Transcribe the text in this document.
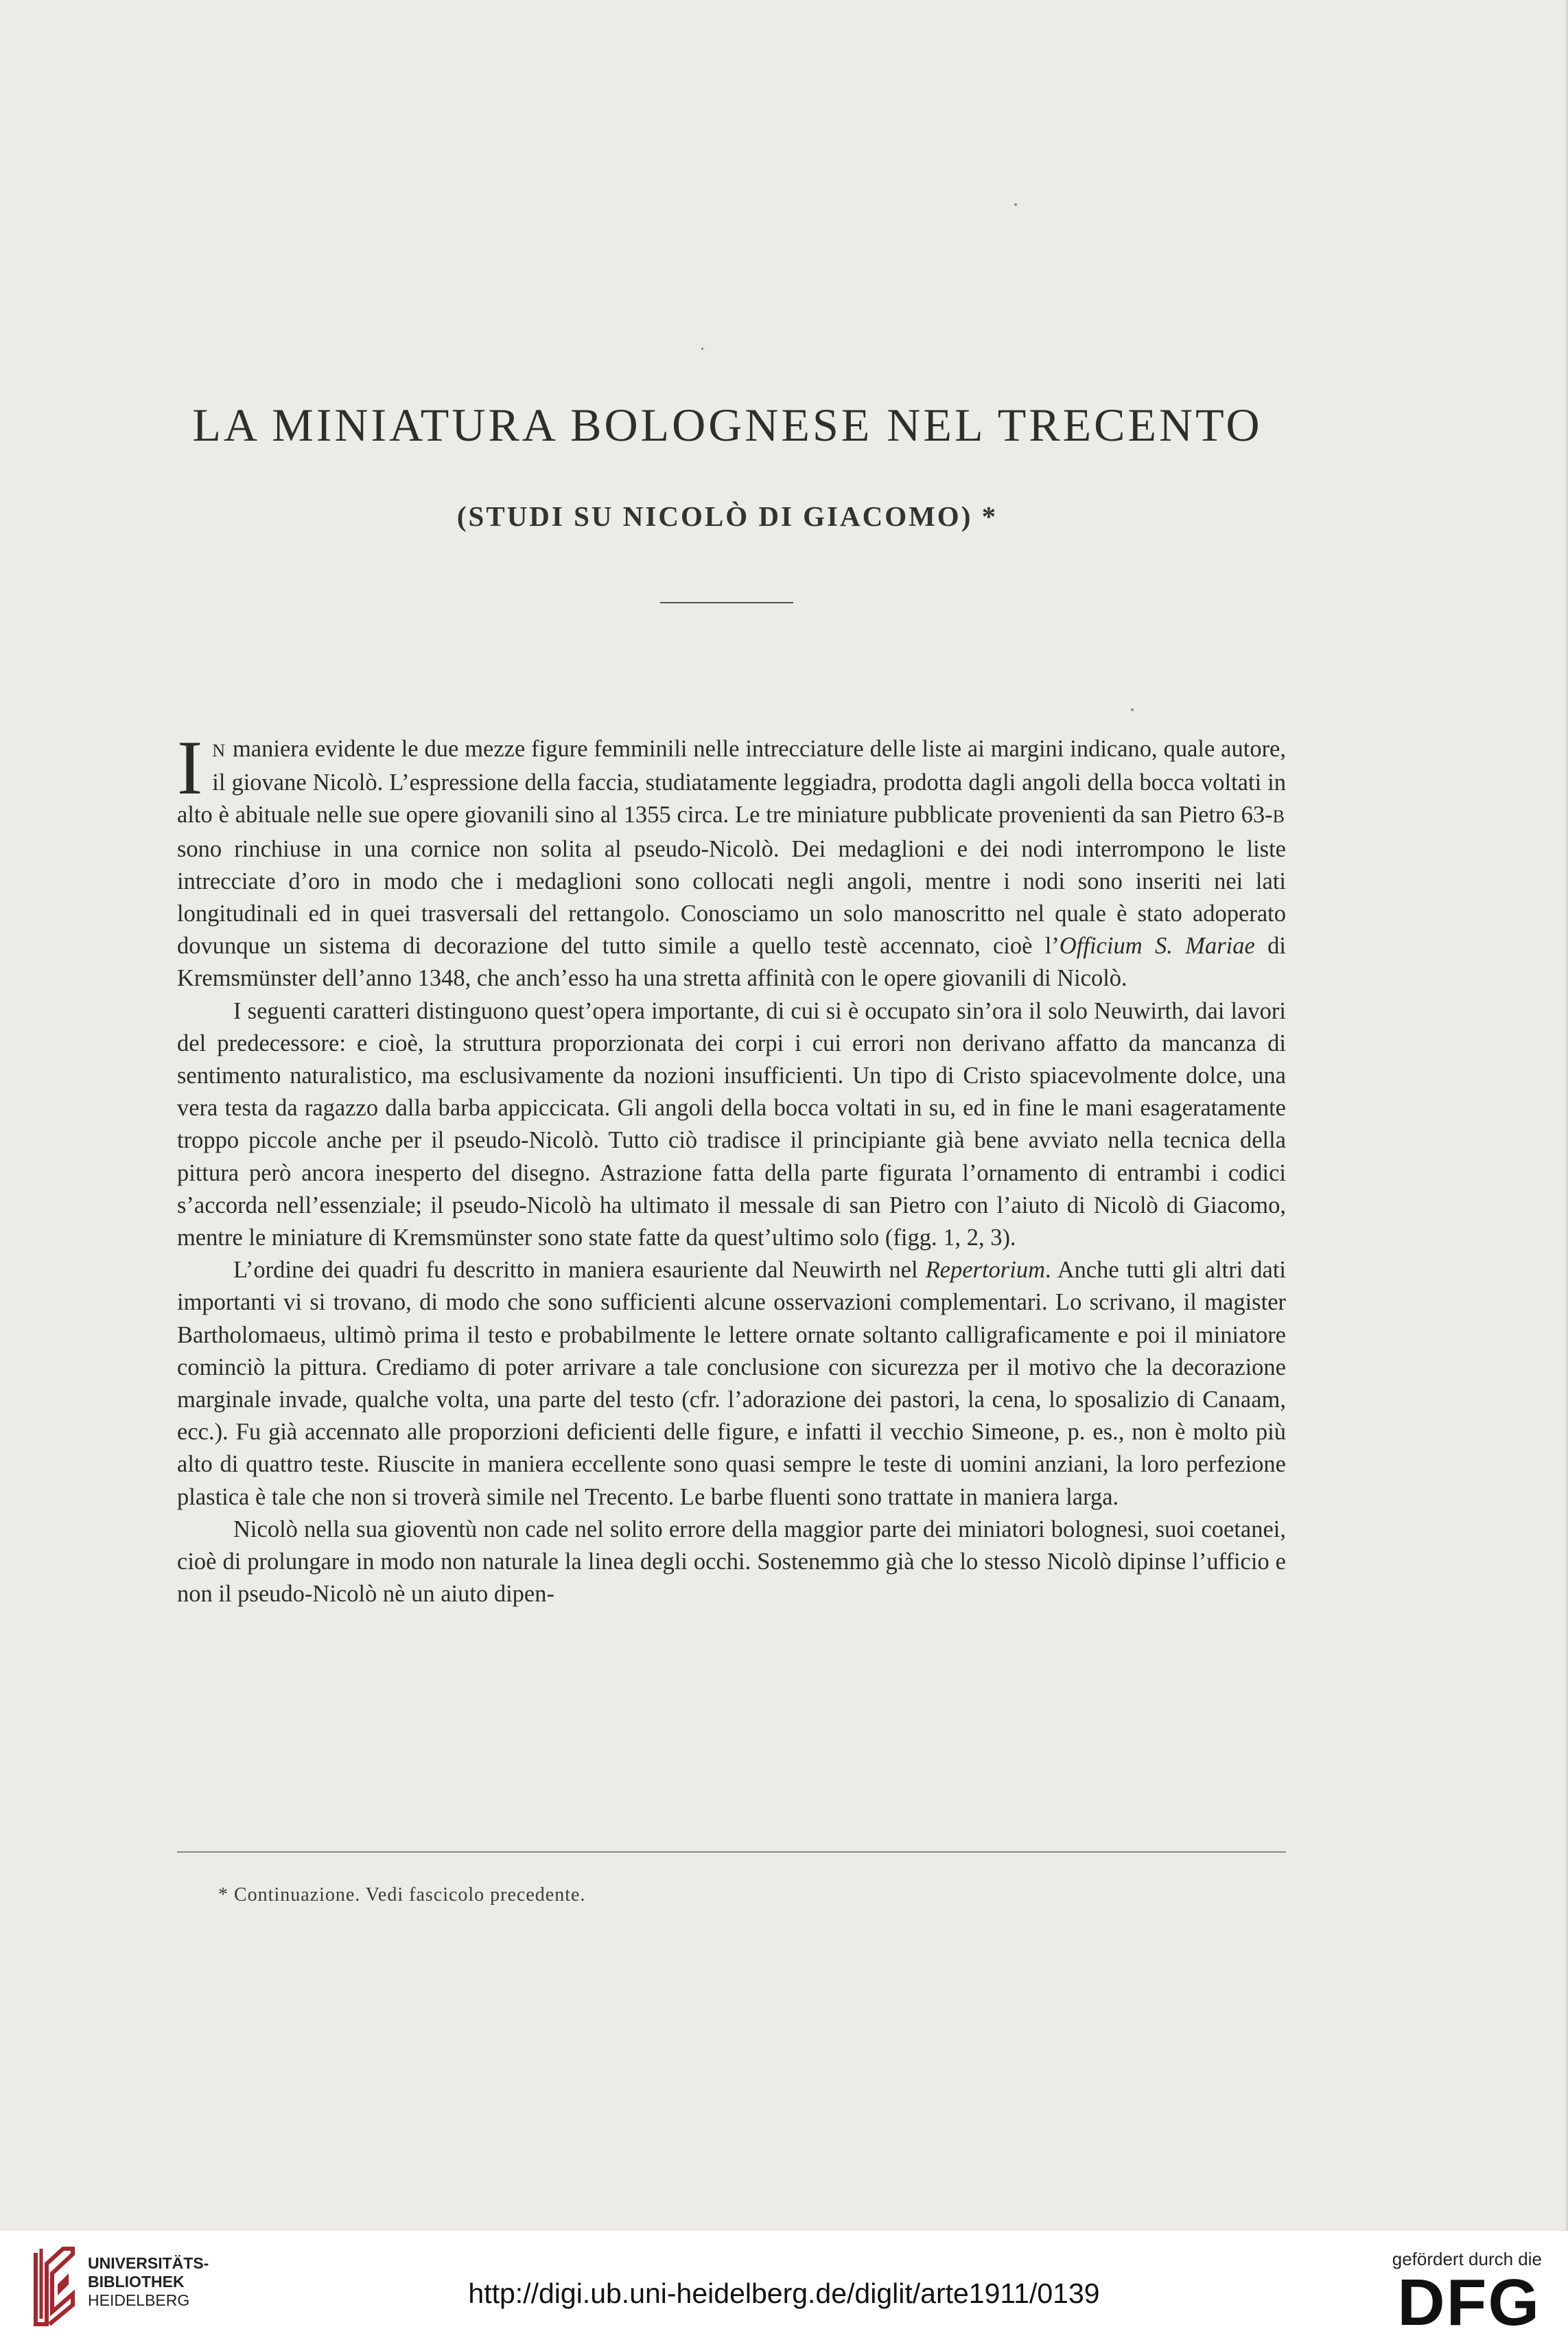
LA MINIATURA BOLOGNESE NEL TRECENTO
(STUDI SU NICOLÒ DI GIACOMO) *

IN maniera evidente le due mezze figure femminili nelle intrecciature delle liste ai margini indicano, quale autore, il giovane Nicolò. L’espressione della faccia, studiatamente leggiadra, prodotta dagli angoli della bocca voltati in alto è abituale nelle sue opere giovanili sino al 1355 circa. Le tre miniature pubblicate provenienti da san Pietro 63-B sono rinchiuse in una cornice non solita al pseudo-Nicolò. Dei medaglioni e dei nodi interrompono le liste intrecciate d’oro in modo che i medaglioni sono collocati negli angoli, mentre i nodi sono inseriti nei lati longitudinali ed in quei trasversali del rettangolo. Conosciamo un solo manoscritto nel quale è stato adoperato dovunque un sistema di decorazione del tutto simile a quello testè accennato, cioè l’Officium S. Mariae di Kremsmünster dell’anno 1348, che anch’esso ha una stretta affinità con le opere giovanili di Nicolò.

I seguenti caratteri distinguono quest’opera importante, di cui si è occupato sin’ora il solo Neuwirth, dai lavori del predecessore: e cioè, la struttura proporzionata dei corpi i cui errori non derivano affatto da mancanza di sentimento naturalistico, ma esclusivamente da nozioni insufficienti. Un tipo di Cristo spiacevolmente dolce, una vera testa da ragazzo dalla barba appiccicata. Gli angoli della bocca voltati in su, ed in fine le mani esageratamente troppo piccole anche per il pseudo-Nicolò. Tutto ciò tradisce il principiante già bene avviato nella tecnica della pittura però ancora inesperto del disegno. Astrazione fatta della parte figurata l’ornamento di entrambi i codici s’accorda nell’essenziale; il pseudo-Nicolò ha ultimato il messale di san Pietro con l’aiuto di Nicolò di Giacomo, mentre le miniature di Kremsmünster sono state fatte da quest’ultimo solo (figg. 1, 2, 3).

L’ordine dei quadri fu descritto in maniera esauriente dal Neuwirth nel Repertorium. Anche tutti gli altri dati importanti vi si trovano, di modo che sono sufficienti alcune osservazioni complementari. Lo scrivano, il magister Bartholomaeus, ultimò prima il testo e probabilmente le lettere ornate soltanto calligraficamente e poi il miniatore cominciò la pittura. Crediamo di poter arrivare a tale conclusione con sicurezza per il motivo che la decorazione marginale invade, qualche volta, una parte del testo (cfr. l’adorazione dei pastori, la cena, lo sposalizio di Canaam, ecc.). Fu già accennato alle proporzioni deficienti delle figure, e infatti il vecchio Simeone, p. es., non è molto più alto di quattro teste. Riuscite in maniera eccellente sono quasi sempre le teste di uomini anziani, la loro perfezione plastica è tale che non si troverà simile nel Trecento. Le barbe fluenti sono trattate in maniera larga.

Nicolò nella sua gioventù non cade nel solito errore della maggior parte dei miniatori bolognesi, suoi coetanei, cioè di prolungare in modo non naturale la linea degli occhi. Sostenemmo già che lo stesso Nicolò dipinse l’ufficio e non il pseudo-Nicolò nè un aiuto dipen-

* Continuazione. Vedi fascicolo precedente.
UNIVERSITÄTS-
BIBLIOTHEK
HEIDELBERG	http://digi.ub.uni-heidelberg.de/diglit/arte1911/0139
gefördert durch die
DFG
